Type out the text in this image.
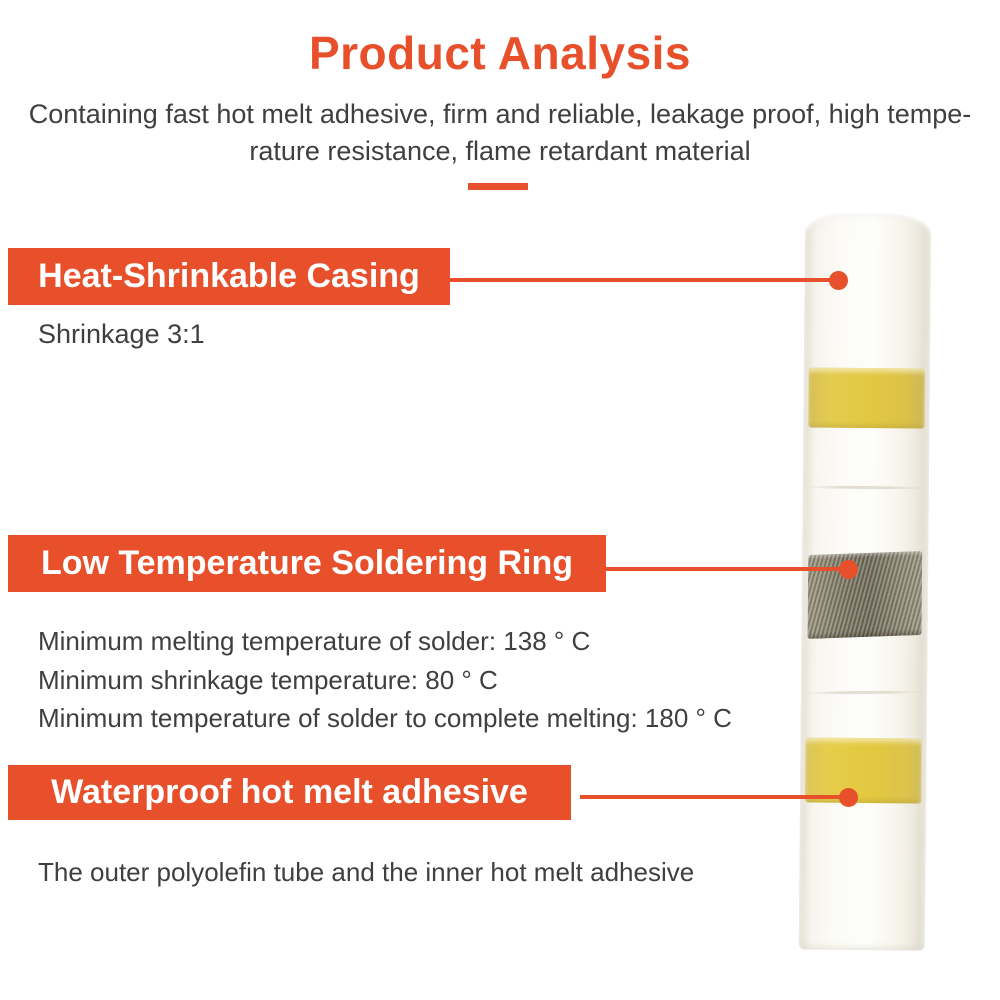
Product Analysis

Containing fast hot melt adhesive, firm and reliable, leakage proof, high tempe-
rature resistance, flame retardant material

Heat-Shrinkable Casing

Shrinkage 3:1

Low Temperature Soldering Ring

Minimum melting temperature of solder: 138 ° C

Minimum shrinkage temperature: 80 ° C

Minimum temperature of solder to complete melting: 180 ° C

Waterproof hot melt adhesive

The outer polyolefin tube and the inner hot melt adhesive
